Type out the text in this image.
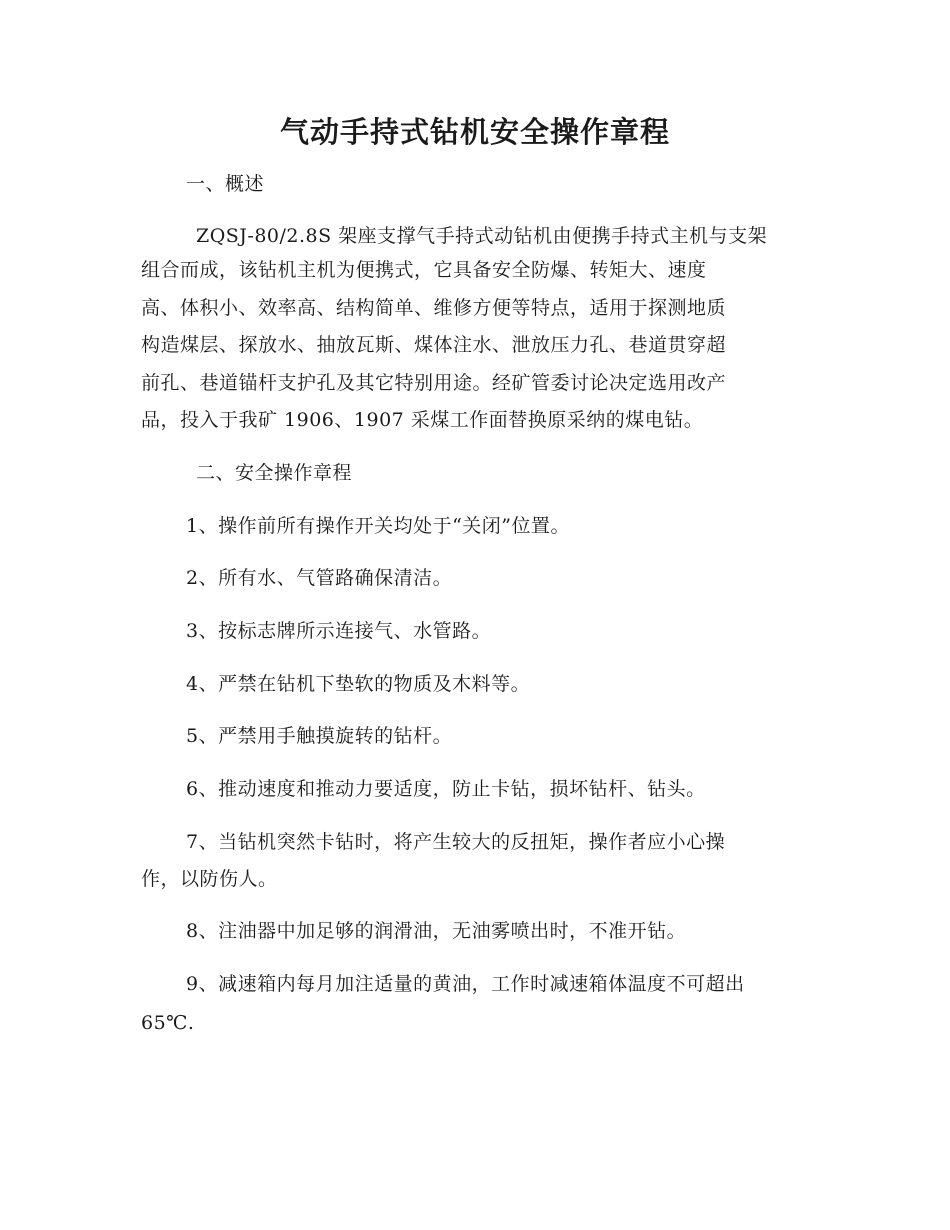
气动手持式钻机安全操作章程
一、概述
ZQSJ-80/2.8S 架座支撑气手持式动钻机由便携手持式主机与支架
组合而成，该钻机主机为便携式，它具备安全防爆、转矩大、速度
高、体积小、效率高、结构简单、维修方便等特点，适用于探测地质
构造煤层、探放水、抽放瓦斯、煤体注水、泄放压力孔、巷道贯穿超
前孔、巷道锚杆支护孔及其它特别用途。经矿管委讨论决定选用改产
品，投入于我矿 1906、1907 采煤工作面替换原采纳的煤电钻。
二、安全操作章程
1、操作前所有操作开关均处于“关闭”位置。
2、所有水、气管路确保清洁。
3、按标志牌所示连接气、水管路。
4、严禁在钻机下垫软的物质及木料等。
5、严禁用手触摸旋转的钻杆。
6、推动速度和推动力要适度，防止卡钻，损坏钻杆、钻头。
7、当钻机突然卡钻时，将产生较大的反扭矩，操作者应小心操
作，以防伤人。
8、注油器中加足够的润滑油，无油雾喷出时，不准开钻。
9、减速箱内每月加注适量的黄油，工作时减速箱体温度不可超出
65℃.
